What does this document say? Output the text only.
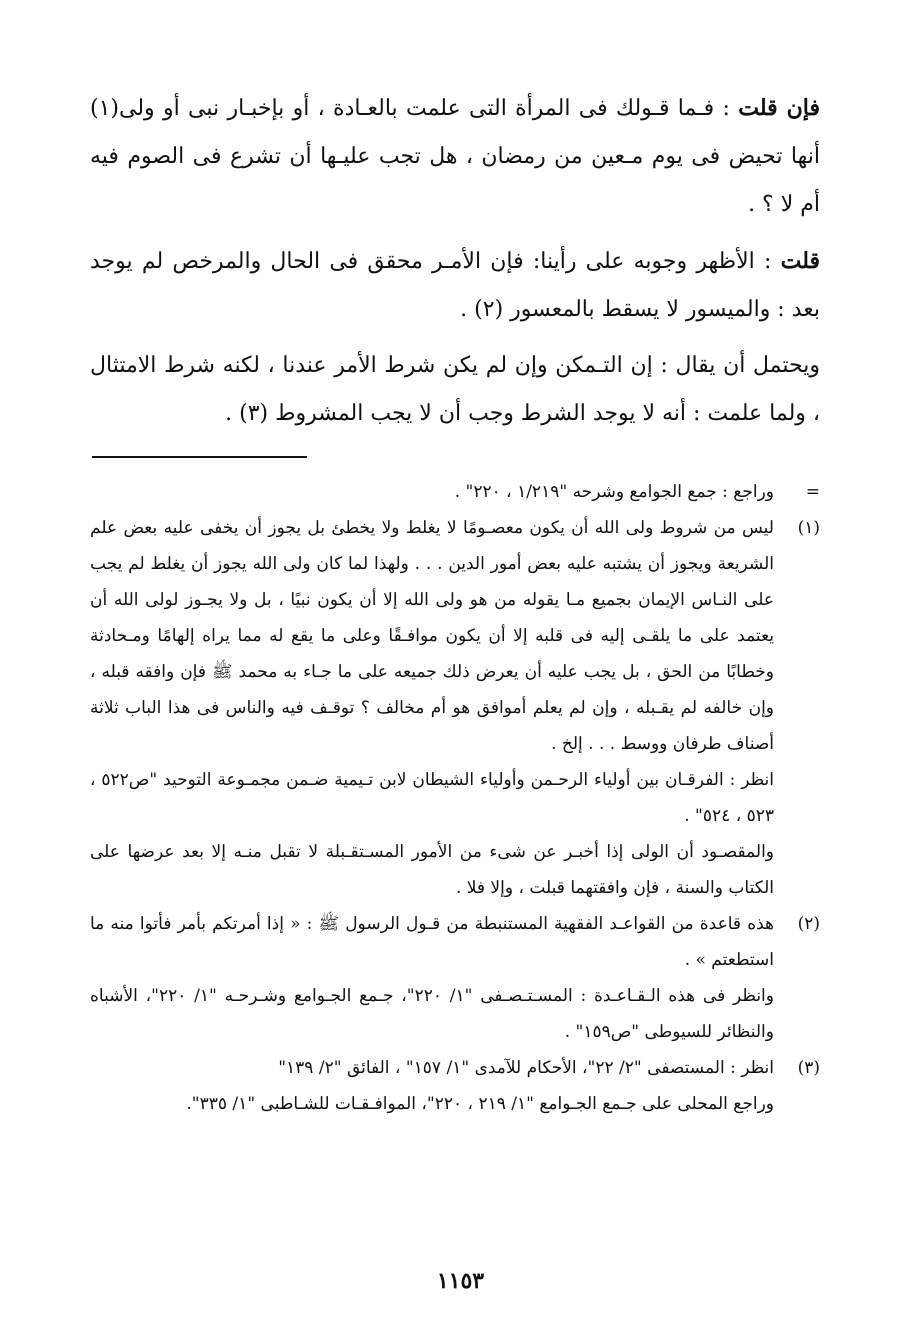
فإن قلت : فـما قـولك فى المرأة التى علمت بالعـادة ، أو بإخبـار نبى أو ولى(١) أنها تحيض فى يوم مـعين من رمضان ، هل تجب عليـها أن تشرع فى الصوم فيه أم لا ؟ .

قلت : الأظهر وجوبه على رأينا: فإن الأمـر محقق فى الحال والمرخص لم يوجد بعد : والميسور لا يسقط بالمعسور (٢) .

ويحتمل أن يقال : إن التـمكن وإن لم يكن شرط الأمر عندنا ، لكنه شرط الامتثال ، ولما علمت : أنه لا يوجد الشرط وجب أن لا يجب المشروط (٣) .

=
وراجع : جمع الجوامع وشرحه "١/٢١٩ ، ٢٢٠" .
(١)
ليس من شروط ولى الله أن يكون معصـومًا لا يغلط ولا يخطئ بل يجوز أن يخفى عليه بعض علم الشريعة ويجوز أن يشتبه عليه بعض أمور الدين . . . ولهذا لما كان ولى الله يجوز أن يغلط لم يجب على النـاس الإيمان بجميع مـا يقوله من هو ولى الله إلا أن يكون نبيًا ، بل ولا يجـوز لولى الله أن يعتمد على ما يلقـى إليه فى قلبه إلا أن يكون موافـقًا وعلى ما يقع له مما يراه إلهامًا ومـحادثة وخطابًا من الحق ، بل يجب عليه أن يعرض ذلك جميعه على ما جـاء به محمد ﷺ فإن وافقه قبله ، وإن خالفه لم يقـبله ، وإن لم يعلم أموافق هو أم مخالف ؟ توقـف فيه والناس فى هذا الباب ثلاثة أصناف طرفان ووسط . . . إلخ .
انظر : الفرقـان بين أولياء الرحـمن وأولياء الشيطان لابن تـيمية ضـمن مجمـوعة التوحيد "ص٥٢٢ ، ٥٢٣ ، ٥٢٤" .
والمقصـود أن الولى إذا أخبـر عن شىء من الأمور المسـتقـبلة لا تقبل منـه إلا بعد عرضها على الكتاب والسنة ، فإن وافقتهما قبلت ، وإلا فلا .
(٢)
هذه قاعدة من القواعـد الفقهية المستنبطة من قـول الرسول ﷺ : « إذا أمرتكم بأمر فأتوا منه ما استطعتم » .
وانظر فى هذه الـقـاعـدة : المسـتـصـفى "١/ ٢٢٠"، جـمع الجـوامع وشـرحـه "١/ ٢٢٠"، الأشباه والنظائر للسيوطى "ص١٥٩" .
(٣)
انظر : المستصفى "٢/ ٢٢"، الأحكام للآمدى "١/ ١٥٧" ، الفائق "٢/ ١٣٩"
وراجع المحلى على جـمع الجـوامع "١/ ٢١٩ ، ٢٢٠"، الموافـقـات للشـاطبى "١/ ٣٣٥".
١١٥٣
